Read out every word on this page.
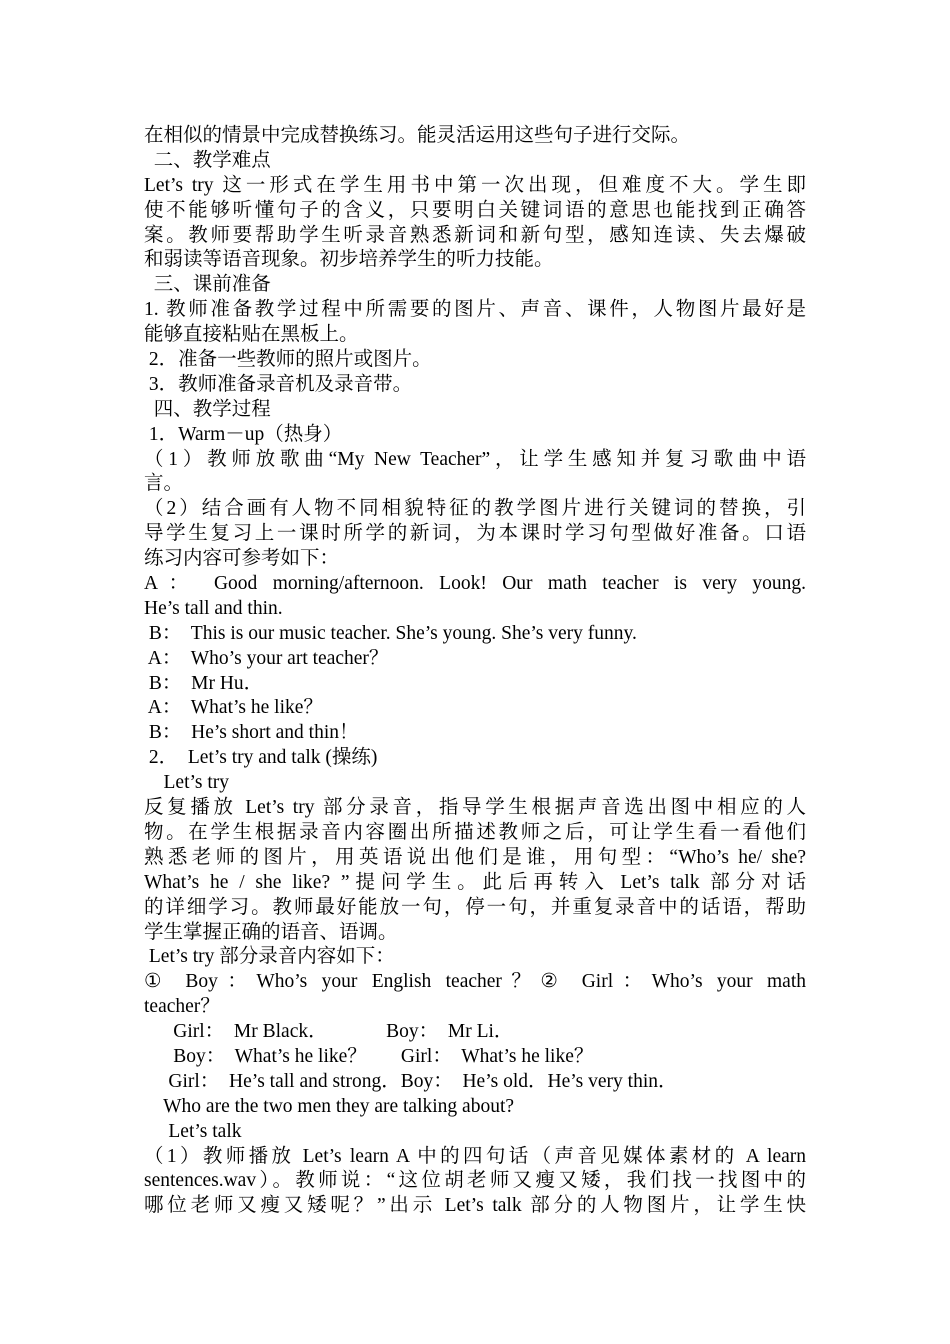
在相似的情景中完成替换练习。能灵活运用这些句子进行交际。
二、教学难点
Let’s try 这一形式在学生用书中第一次出现，但难度不大。学生即
使不能够听懂句子的含义，只要明白关键词语的意思也能找到正确答
案。教师要帮助学生听录音熟悉新词和新句型，感知连读、失去爆破
和弱读等语音现象。初步培养学生的听力技能。
三、课前准备
1. 教师准备教学过程中所需要的图片、声音、课件，人物图片最好是
能够直接粘贴在黑板上。
2．准备一些教师的照片或图片。
3．教师准备录音机及录音带。
四、教学过程
1．Warm－up（热身）
（1）教师放歌曲“My New Teacher”，让学生感知并复习歌曲中语
言。
（2）结合画有人物不同相貌特征的教学图片进行关键词的替换，引
导学生复习上一课时所学的新词，为本课时学习句型做好准备。口语
练习内容可参考如下：
A： Good morning/afternoon. Look! Our math teacher is very young.
He’s tall and thin.
B：  This is our music teacher. She’s young. She’s very funny.
A：  Who’s your art teacher？
B：  Mr Hu．
A：  What’s he like？
B：  He’s short and thin！
2．  Let’s try and talk (操练)
Let’s try
反复播放 Let’s try 部分录音，指导学生根据声音选出图中相应的人
物。在学生根据录音内容圈出所描述教师之后，可让学生看一看他们
熟悉老师的图片，用英语说出他们是谁，用句型：“Who’s he/ she?
What’s he / she like? ”提问学生。此后再转入 Let’s talk 部分对话
的详细学习。教师最好能放一句，停一句，并重复录音中的话语，帮助
学生掌握正确的语音、语调。
Let’s try 部分录音内容如下：
① Boy：Who’s your English teacher？② Girl：Who’s your math
teacher？
Girl：  Mr Black．            Boy：  Mr Li．
Boy：  What’s he like？       Girl：  What’s he like？
Girl：  He’s tall and strong．Boy：  He’s old．He’s very thin．
Who are the two men they are talking about?
Let’s talk
（1）教师播放 Let’s learn A 中的四句话（声音见媒体素材的 A learn
sentences.wav）。教师说：“这位胡老师又瘦又矮，我们找一找图中的
哪位老师又瘦又矮呢？”出示 Let’s talk 部分的人物图片，让学生快
